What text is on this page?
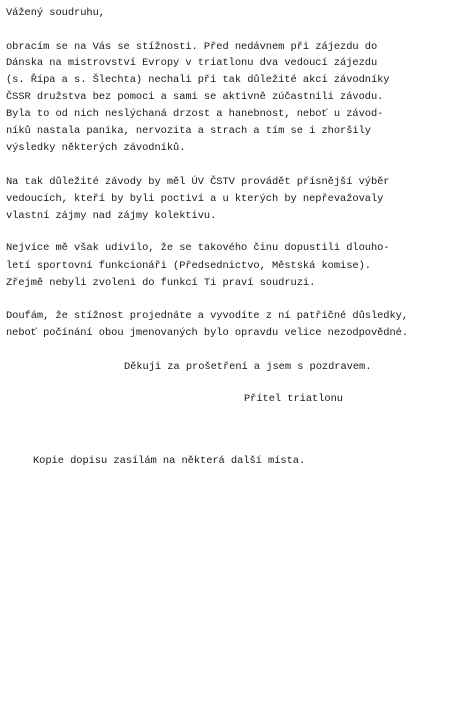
Vážený soudruhu,
obracím se na Vás se stížnosti. Před nedávnem při zájezdu do
Dánska na mistrovství Evropy v triatlonu dva vedoucí zájezdu
(s. Řípa a s. Šlechta) nechali při tak důležité akci závodníky
ČSSR družstva bez pomoci a sami se aktivně zúčastnili závodu.
Byla to od nich neslýchaná drzost a hanebnost, neboť u závod-
níků nastala panika, nervozita a strach a tím se i zhoršily
výsledky některých závodníků.
Na tak důležité závody by měl ÚV ČSTV provádět přísnější výběr
vedoucích, kteří by byli poctiví a u kterých by nepřevažovaly
vlastní zájmy nad zájmy kolektivu.
Nejvíce mě však udivilo, že se takového činu dopustili dlouho-
letí sportovní funkcionáři (Předsednictvo, Městská komise).
Zřejmě nebyli zvoleni do funkcí Ti praví soudruzi.
Doufám, že stížnost projednáte a vyvodíte z ní patřičné důsledky,
neboť počínání obou jmenovaných bylo opravdu velice nezodpovědné.
Děkuji za prošetření a jsem s pozdravem.
Přítel triatlonu
Kopie dopisu zasílám na některá další místa.
